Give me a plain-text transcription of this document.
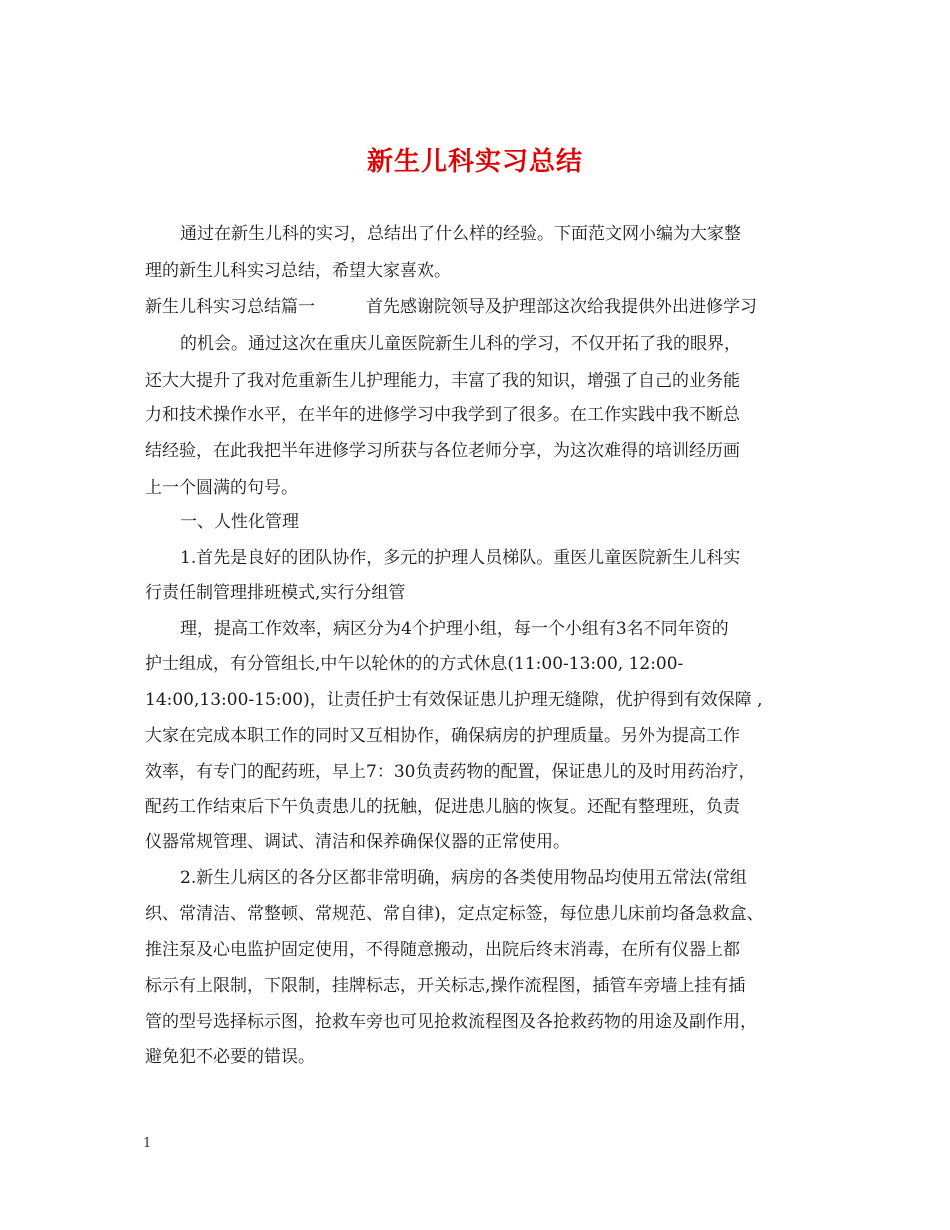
新生儿科实习总结
通过在新生儿科的实习，总结出了什么样的经验。下面范文网小编为大家整
理的新生儿科实习总结，希望大家喜欢。
新生儿科实习总结篇一　　　首先感谢院领导及护理部这次给我提供外出进修学习
的机会。通过这次在重庆儿童医院新生儿科的学习，不仅开拓了我的眼界，
还大大提升了我对危重新生儿护理能力，丰富了我的知识，增强了自己的业务能
力和技术操作水平，在半年的进修学习中我学到了很多。在工作实践中我不断总
结经验，在此我把半年进修学习所获与各位老师分享，为这次难得的培训经历画
上一个圆满的句号。
一、人性化管理
1.首先是良好的团队协作，多元的护理人员梯队。重医儿童医院新生儿科实
行责任制管理排班模式,实行分组管
理，提高工作效率，病区分为4个护理小组，每一个小组有3名不同年资的
护士组成，有分管组长,中午以轮休的的方式休息(11:00-13:00, 12:00-
14:00,13:00-15:00)，让责任护士有效保证患儿护理无缝隙，优护得到有效保障 ,
大家在完成本职工作的同时又互相协作，确保病房的护理质量。另外为提高工作
效率，有专门的配药班，早上7：30负责药物的配置，保证患儿的及时用药治疗，
配药工作结束后下午负责患儿的抚触，促进患儿脑的恢复。还配有整理班，负责
仪器常规管理、调试、清洁和保养确保仪器的正常使用。
2.新生儿病区的各分区都非常明确，病房的各类使用物品均使用五常法(常组
织、常清洁、常整顿、常规范、常自律)，定点定标签，每位患儿床前均备急救盒、
推注泵及心电监护固定使用，不得随意搬动，出院后终末消毒，在所有仪器上都
标示有上限制，下限制，挂牌标志，开关标志,操作流程图，插管车旁墙上挂有插
管的型号选择标示图，抢救车旁也可见抢救流程图及各抢救药物的用途及副作用，
避免犯不必要的错误。
1
